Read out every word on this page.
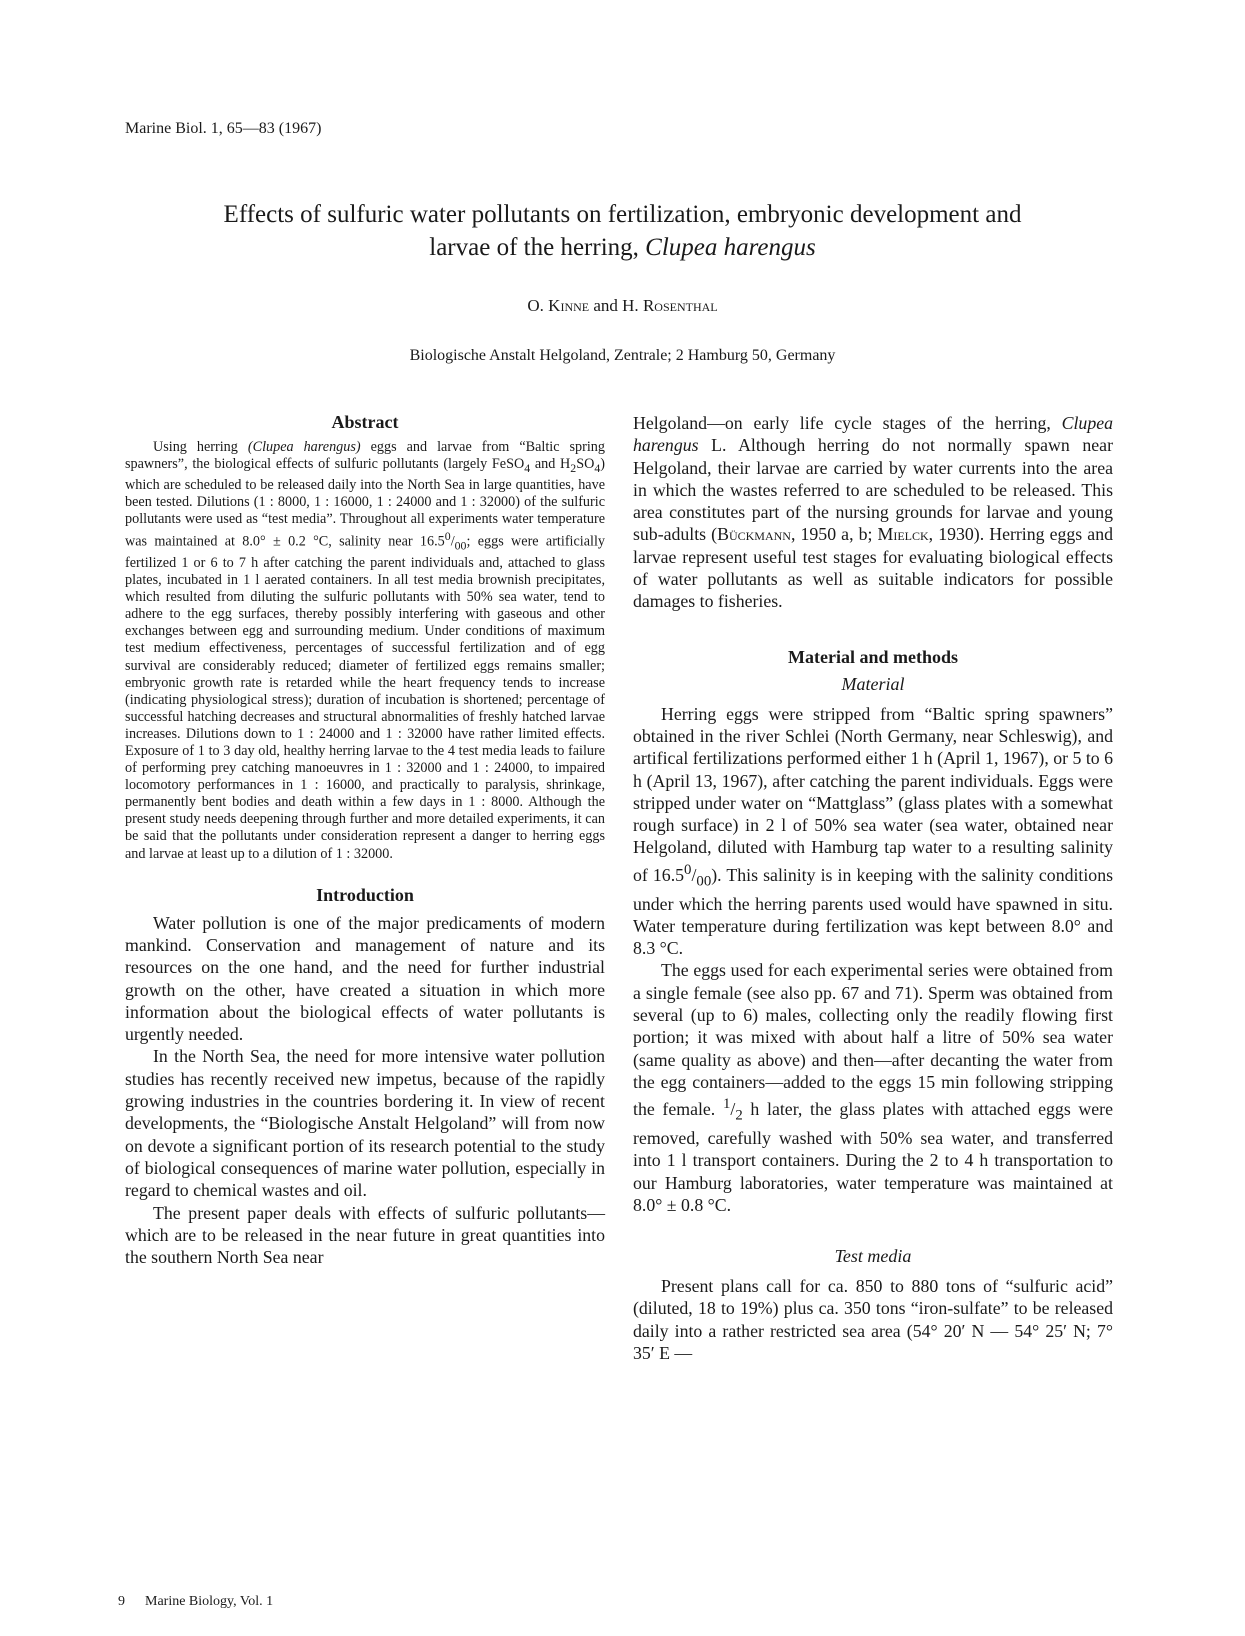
Marine Biol. 1, 65—83 (1967)
Effects of sulfuric water pollutants on fertilization, embryonic development and
larvae of the herring, Clupea harengus
O. Kinne and H. Rosenthal
Biologische Anstalt Helgoland, Zentrale; 2 Hamburg 50, Germany
Abstract

Using herring (Clupea harengus) eggs and larvae from “Baltic spring spawners”, the biological effects of sulfuric pollutants (largely FeSO$_4$ and $H_2SO_4$) which are scheduled to be released daily into the North Sea in large quantities, have been tested. Dilutions (1 : 8000, 1 : 16000, 1 : 24000 and 1 : 32000) of the sulfuric pollutants were used as “test media”. Throughout all experiments water temperature was maintained at 8.0° ± 0.2 °C, salinity near $16.5^0/_{00}$; eggs were artificially fertilized 1 or 6 to 7 h after catching the parent individuals and, attached to glass plates, incubated in 1 l aerated containers. In all test media brownish precipitates, which resulted from diluting the sulfuric pollutants with 50% sea water, tend to adhere to the egg surfaces, thereby possibly interfering with gaseous and other exchanges between egg and surrounding medium. Under conditions of maximum test medium effectiveness, percentages of successful fertilization and of egg survival are considerably reduced; diameter of fertilized eggs remains smaller; embryonic growth rate is retarded while the heart frequency tends to increase (indicating physiological stress); duration of incubation is shortened; percentage of successful hatching decreases and structural abnormalities of freshly hatched larvae increases. Dilutions down to 1 : 24000 and 1 : 32000 have rather limited effects. Exposure of 1 to 3 day old, healthy herring larvae to the 4 test media leads to failure of performing prey catching manoeuvres in 1 : 32000 and 1 : 24000, to impaired locomotory performances in 1 : 16000, and practically to paralysis, shrinkage, permanently bent bodies and death within a few days in 1 : 8000. Although the present study needs deepening through further and more detailed experiments, it can be said that the pollutants under consideration represent a danger to herring eggs and larvae at least up to a dilution of 1 : 32000.

Introduction

Water pollution is one of the major predicaments of modern mankind. Conservation and management of nature and its resources on the one hand, and the need for further industrial growth on the other, have created a situation in which more information about the biological effects of water pollutants is urgently needed.

In the North Sea, the need for more intensive water pollution studies has recently received new impetus, because of the rapidly growing industries in the countries bordering it. In view of recent developments, the “Biologische Anstalt Helgoland” will from now on devote a significant portion of its research potential to the study of biological consequences of marine water pollution, especially in regard to chemical wastes and oil.

The present paper deals with effects of sulfuric pollutants—which are to be released in the near future in great quantities into the southern North Sea near

Helgoland—on early life cycle stages of the herring, Clupea harengus L. Although herring do not normally spawn near Helgoland, their larvae are carried by water currents into the area in which the wastes referred to are scheduled to be released. This area constitutes part of the nursing grounds for larvae and young sub-adults (Bückmann, 1950 a, b; Mielck, 1930). Herring eggs and larvae represent useful test stages for evaluating biological effects of water pollutants as well as suitable indicators for possible damages to fisheries.

Material and methods
Material

Herring eggs were stripped from “Baltic spring spawners” obtained in the river Schlei (North Germany, near Schleswig), and artifical fertilizations performed either 1 h (April 1, 1967), or 5 to 6 h (April 13, 1967), after catching the parent individuals. Eggs were stripped under water on “Mattglass” (glass plates with a somewhat rough surface) in 2 l of 50% sea water (sea water, obtained near Helgoland, diluted with Hamburg tap water to a resulting salinity of $16.5^0/_{00}$). This salinity is in keeping with the salinity conditions under which the herring parents used would have spawned in situ. Water temperature during fertilization was kept between 8.0° and 8.3 °C.

The eggs used for each experimental series were obtained from a single female (see also pp. 67 and 71). Sperm was obtained from several (up to 6) males, collecting only the readily flowing first portion; it was mixed with about half a litre of 50% sea water (same quality as above) and then—after decanting the water from the egg containers—added to the eggs 15 min following stripping the female. $^1/_2$ h later, the glass plates with attached eggs were removed, carefully washed with 50% sea water, and transferred into 1 l transport containers. During the 2 to 4 h transportation to our Hamburg laboratories, water temperature was maintained at 8.0° ± 0.8 °C.

Test media

Present plans call for ca. 850 to 880 tons of “sulfuric acid” (diluted, 18 to 19%) plus ca. 350 tons “iron-sulfate” to be released daily into a rather restricted sea area (54° 20′ N — 54° 25′ N; 7° 35′ E —

9 Marine Biology, Vol. 1
